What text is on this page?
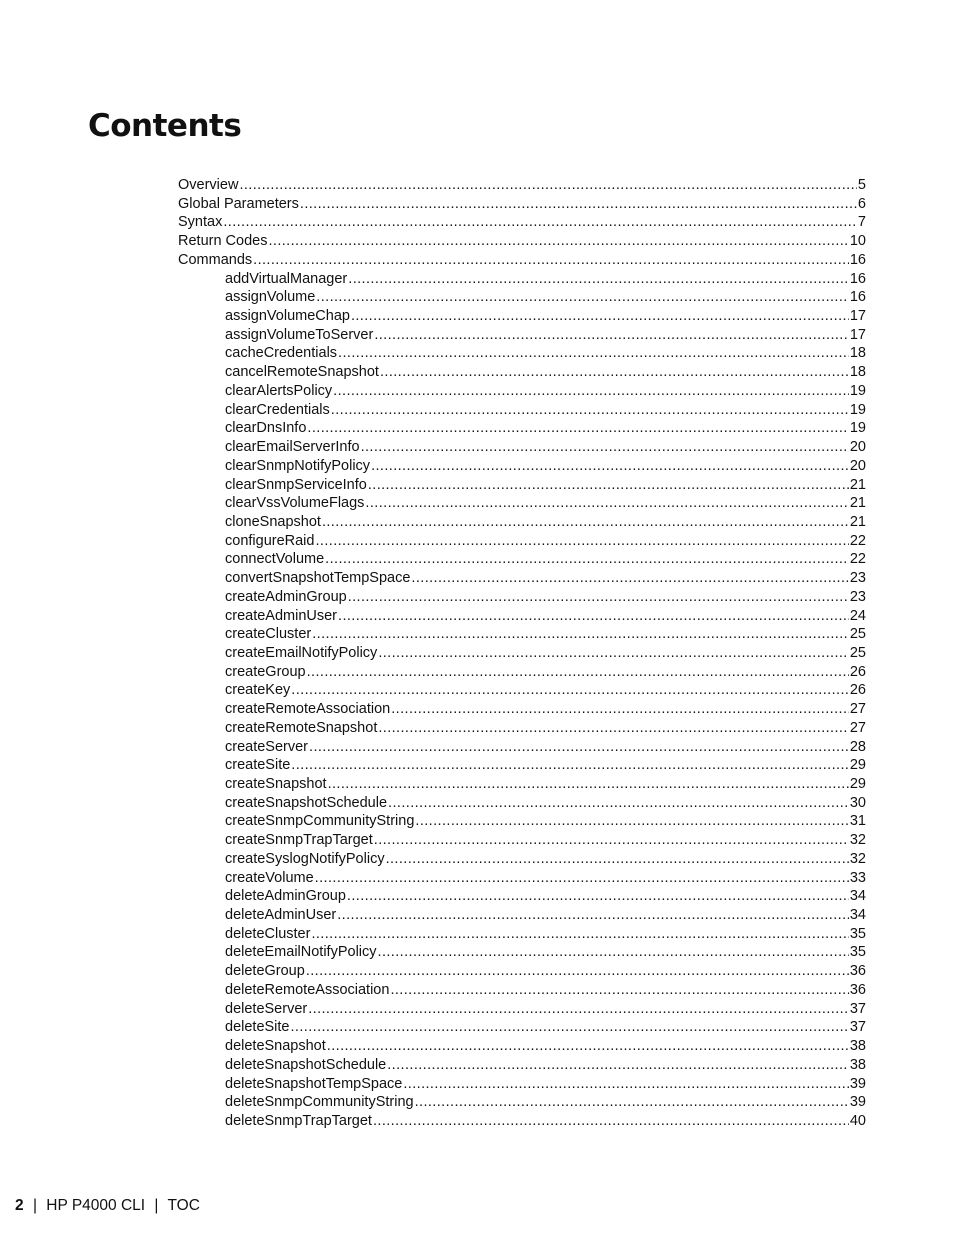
Contents
Overview .....	5
Global Parameters .....	6
Syntax .....	7
Return Codes .....	10
Commands .....	16
addVirtualManager .....	16
assignVolume .....	16
assignVolumeChap .....	17
assignVolumeToServer .....	17
cacheCredentials .....	18
cancelRemoteSnapshot .....	18
clearAlertsPolicy .....	19
clearCredentials .....	19
clearDnsInfo .....	19
clearEmailServerInfo .....	20
clearSnmpNotifyPolicy .....	20
clearSnmpServiceInfo .....	21
clearVssVolumeFlags .....	21
cloneSnapshot .....	21
configureRaid .....	22
connectVolume .....	22
convertSnapshotTempSpace .....	23
createAdminGroup .....	23
createAdminUser .....	24
createCluster .....	25
createEmailNotifyPolicy .....	25
createGroup .....	26
createKey .....	26
createRemoteAssociation .....	27
createRemoteSnapshot .....	27
createServer .....	28
createSite .....	29
createSnapshot .....	29
createSnapshotSchedule .....	30
createSnmpCommunityString .....	31
createSnmpTrapTarget .....	32
createSyslogNotifyPolicy .....	32
createVolume .....	33
deleteAdminGroup .....	34
deleteAdminUser .....	34
deleteCluster .....	35
deleteEmailNotifyPolicy .....	35
deleteGroup .....	36
deleteRemoteAssociation .....	36
deleteServer .....	37
deleteSite .....	37
deleteSnapshot .....	38
deleteSnapshotSchedule .....	38
deleteSnapshotTempSpace .....	39
deleteSnmpCommunityString .....	39
deleteSnmpTrapTarget .....	40
2 | HP P4000 CLI | TOC
